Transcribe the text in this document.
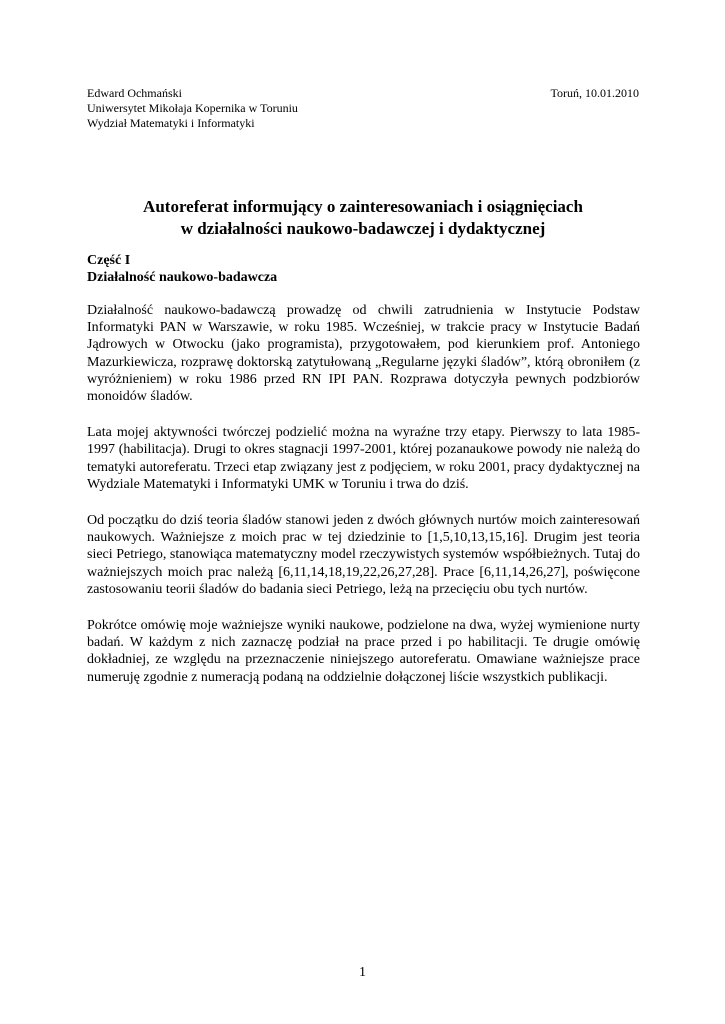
Edward Ochmański
Uniwersytet Mikołaja Kopernika w Toruniu
Wydział Matematyki i Informatyki
Toruń, 10.01.2010
Autoreferat informujący o zainteresowaniach i osiągnięciach
w działalności naukowo-badawczej i dydaktycznej
Część I
Działalność naukowo-badawcza

Działalność naukowo-badawczą prowadzę od chwili zatrudnienia w Instytucie Podstaw Informatyki PAN w Warszawie, w roku 1985. Wcześniej, w trakcie pracy w Instytucie Badań Jądrowych w Otwocku (jako programista), przygotowałem, pod kierunkiem prof. Antoniego Mazurkiewicza, rozprawę doktorską zatytułowaną „Regularne języki śladów”, którą obroniłem (z wyróżnieniem) w roku 1986 przed RN IPI PAN. Rozprawa dotyczyła pewnych podzbiorów monoidów śladów.

Lata mojej aktywności twórczej podzielić można na wyraźne trzy etapy. Pierwszy to lata 1985-1997 (habilitacja). Drugi to okres stagnacji 1997-2001, której pozanaukowe powody nie należą do tematyki autoreferatu. Trzeci etap związany jest z podjęciem, w roku 2001, pracy dydaktycznej na Wydziale Matematyki i Informatyki UMK w Toruniu i trwa do dziś.

Od początku do dziś teoria śladów stanowi jeden z dwóch głównych nurtów moich zainteresowań naukowych. Ważniejsze z moich prac w tej dziedzinie to [1,5,10,13,15,16]. Drugim jest teoria sieci Petriego, stanowiąca matematyczny model rzeczywistych systemów współbieżnych. Tutaj do ważniejszych moich prac należą [6,11,14,18,19,22,26,27,28]. Prace [6,11,14,26,27], poświęcone zastosowaniu teorii śladów do badania sieci Petriego, leżą na przecięciu obu tych nurtów.

Pokrótce omówię moje ważniejsze wyniki naukowe, podzielone na dwa, wyżej wymienione nurty badań. W każdym z nich zaznaczę podział na prace przed i po habilitacji. Te drugie omówię dokładniej, ze względu na przeznaczenie niniejszego autoreferatu. Omawiane ważniejsze prace numeruję zgodnie z numeracją podaną na oddzielnie dołączonej liście wszystkich publikacji.

1
